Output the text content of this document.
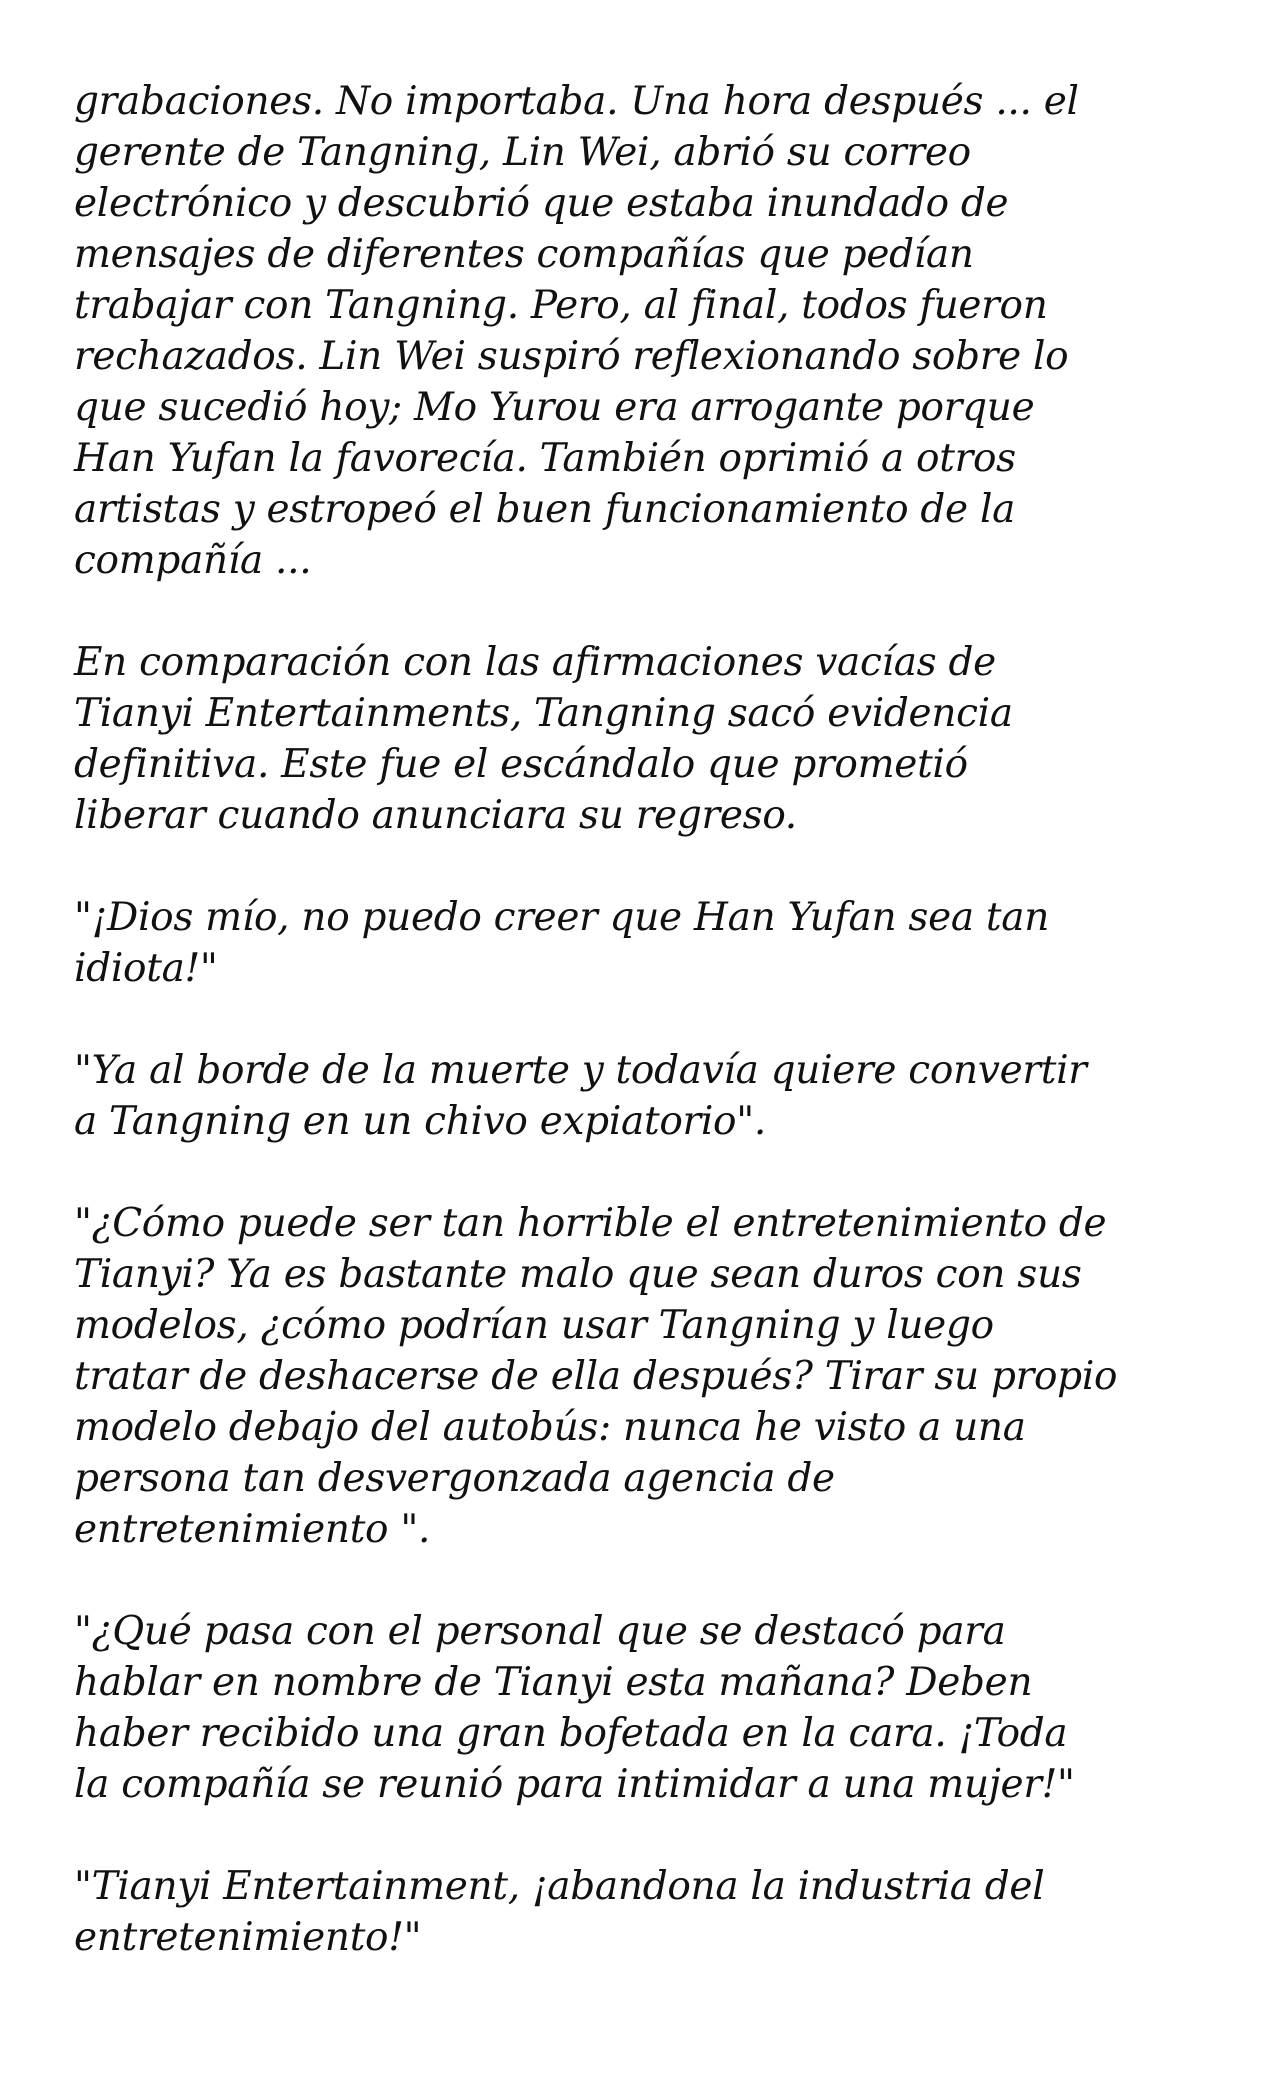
grabaciones. No importaba. Una hora después ... el
gerente de Tangning, Lin Wei, abrió su correo
electrónico y descubrió que estaba inundado de
mensajes de diferentes compañías que pedían
trabajar con Tangning. Pero, al final, todos fueron
rechazados. Lin Wei suspiró reflexionando sobre lo
que sucedió hoy; Mo Yurou era arrogante porque
Han Yufan la favorecía. También oprimió a otros
artistas y estropeó el buen funcionamiento de la
compañía ...

En comparación con las afirmaciones vacías de
Tianyi Entertainments, Tangning sacó evidencia
definitiva. Este fue el escándalo que prometió
liberar cuando anunciara su regreso.

"¡Dios mío, no puedo creer que Han Yufan sea tan
idiota!"

"Ya al borde de la muerte y todavía quiere convertir
a Tangning en un chivo expiatorio".

"¿Cómo puede ser tan horrible el entretenimiento de
Tianyi? Ya es bastante malo que sean duros con sus
modelos, ¿cómo podrían usar Tangning y luego
tratar de deshacerse de ella después? Tirar su propio
modelo debajo del autobús: nunca he visto a una
persona tan desvergonzada agencia de
entretenimiento ".

"¿Qué pasa con el personal que se destacó para
hablar en nombre de Tianyi esta mañana? Deben
haber recibido una gran bofetada en la cara. ¡Toda
la compañía se reunió para intimidar a una mujer!"

"Tianyi Entertainment, ¡abandona la industria del
entretenimiento!"
